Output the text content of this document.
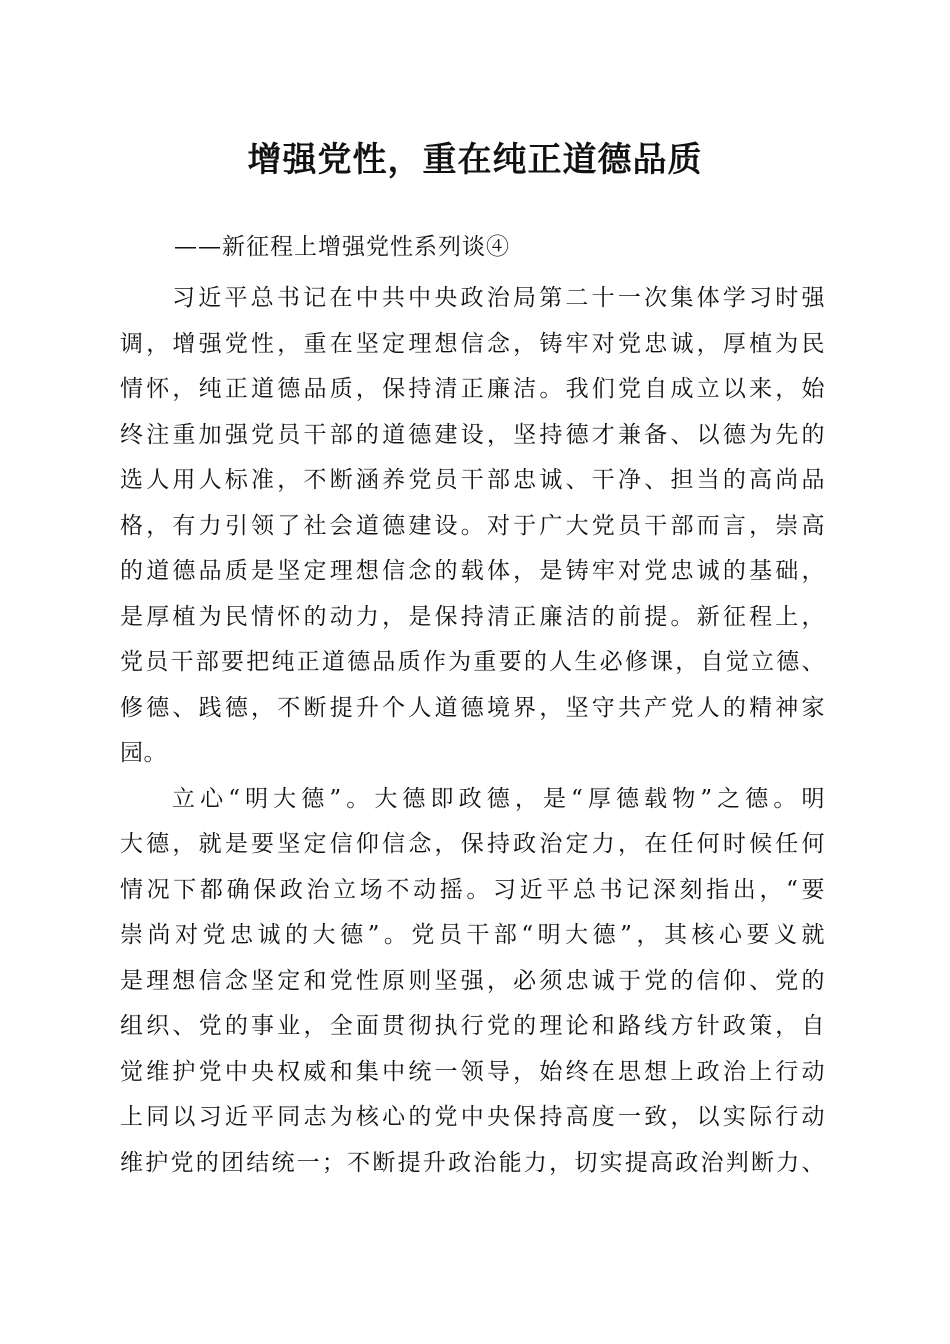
增强党性，重在纯正道德品质
——新征程上增强党性系列谈④

习近平总书记在中共中央政治局第二十一次集体学习时强
调，增强党性，重在坚定理想信念，铸牢对党忠诚，厚植为民
情怀，纯正道德品质，保持清正廉洁。我们党自成立以来，始
终注重加强党员干部的道德建设，坚持德才兼备、以德为先的
选人用人标准，不断涵养党员干部忠诚、干净、担当的高尚品
格，有力引领了社会道德建设。对于广大党员干部而言，崇高
的道德品质是坚定理想信念的载体，是铸牢对党忠诚的基础，
是厚植为民情怀的动力，是保持清正廉洁的前提。新征程上，
党员干部要把纯正道德品质作为重要的人生必修课，自觉立德、
修德、践德，不断提升个人道德境界，坚守共产党人的精神家
园。

立心“明大德”。大德即政德，是“厚德载物”之德。明
大德，就是要坚定信仰信念，保持政治定力，在任何时候任何
情况下都确保政治立场不动摇。习近平总书记深刻指出，“要
崇尚对党忠诚的大德”。党员干部“明大德”，其核心要义就
是理想信念坚定和党性原则坚强，必须忠诚于党的信仰、党的
组织、党的事业，全面贯彻执行党的理论和路线方针政策，自
觉维护党中央权威和集中统一领导，始终在思想上政治上行动
上同以习近平同志为核心的党中央保持高度一致，以实际行动
维护党的团结统一；不断提升政治能力，切实提高政治判断力、
